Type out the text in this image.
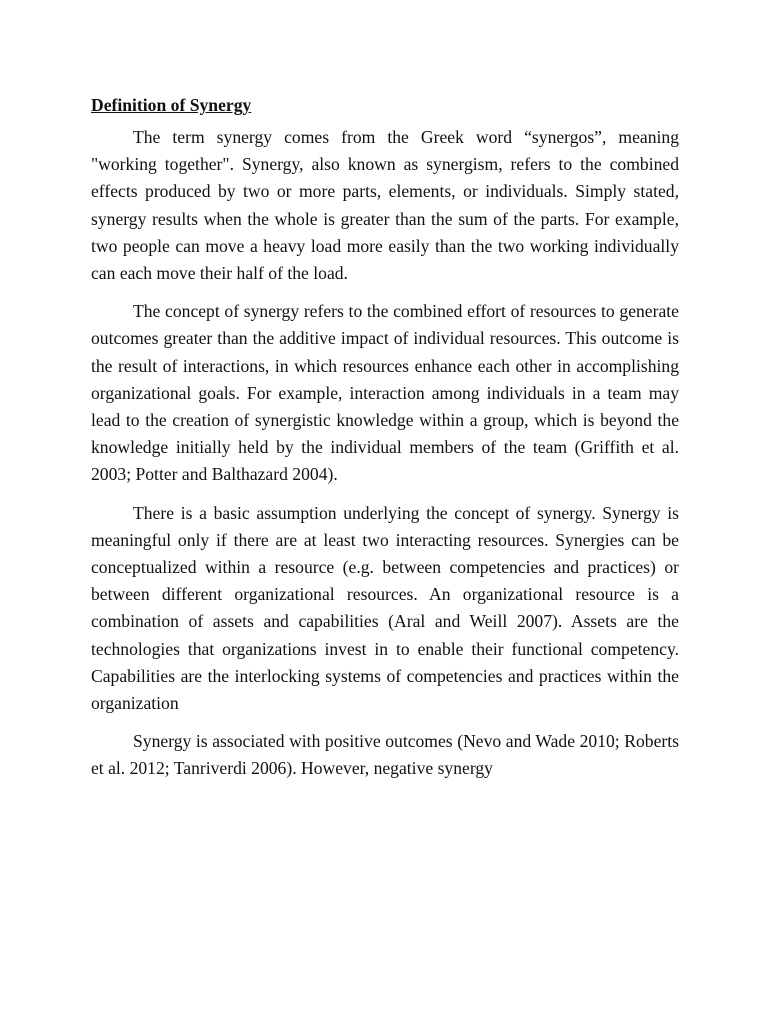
Definition of Synergy

The term synergy comes from the Greek word “synergos”, meaning "working together". Synergy, also known as synergism, refers to the combined effects produced by two or more parts, elements, or individuals. Simply stated, synergy results when the whole is greater than the sum of the parts. For example, two people can move a heavy load more easily than the two working individually can each move their half of the load.

The concept of synergy refers to the combined effort of resources to generate outcomes greater than the additive impact of individual resources. This outcome is the result of interactions, in which resources enhance each other in accomplishing organizational goals. For example, interaction among individuals in a team may lead to the creation of synergistic knowledge within a group, which is beyond the knowledge initially held by the individual members of the team (Griffith et al. 2003; Potter and Balthazard 2004).

There is a basic assumption underlying the concept of synergy. Synergy is meaningful only if there are at least two interacting resources. Synergies can be conceptualized within a resource (e.g. between competencies and practices) or between different organizational resources. An organizational resource is a combination of assets and capabilities (Aral and Weill 2007). Assets are the technologies that organizations invest in to enable their functional competency. Capabilities are the interlocking systems of competencies and practices within the organization

Synergy is associated with positive outcomes (Nevo and Wade 2010; Roberts et al. 2012; Tanriverdi 2006). However, negative synergy
